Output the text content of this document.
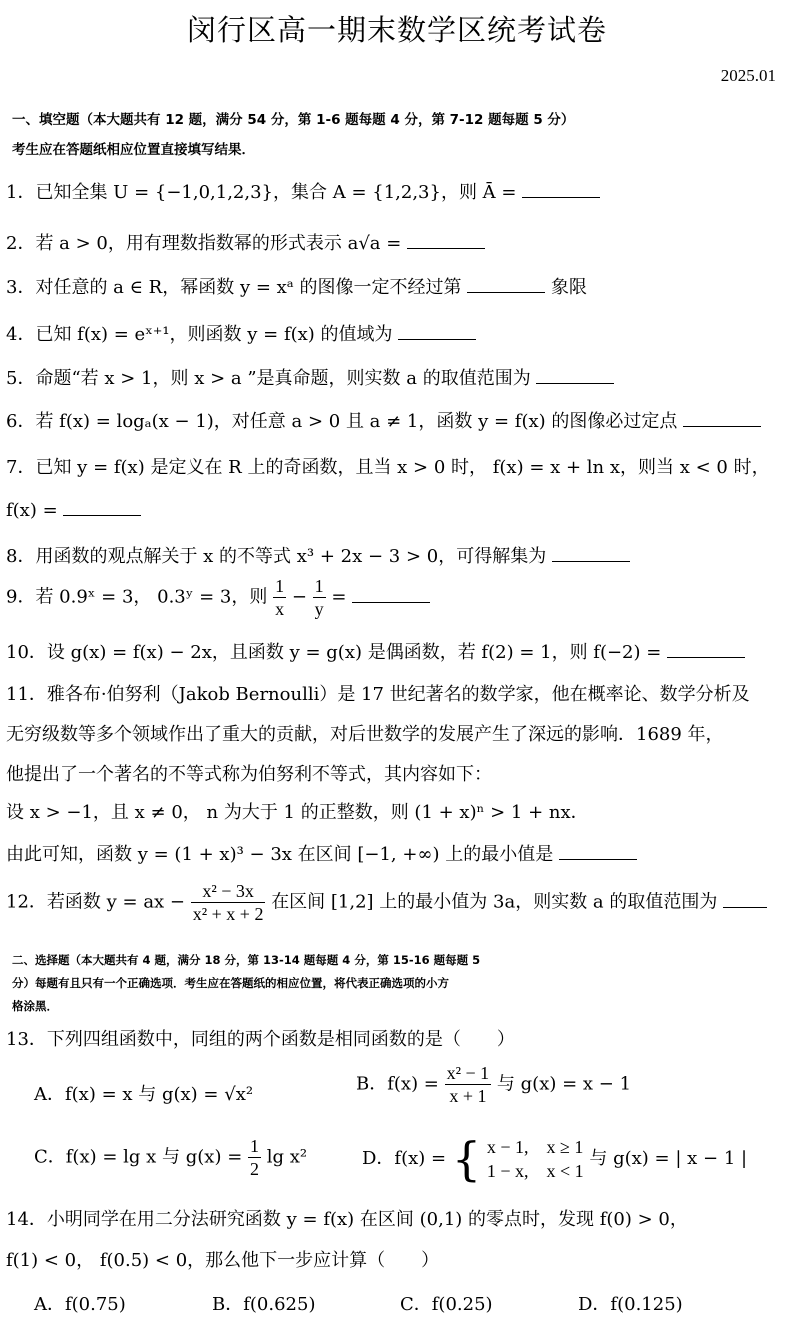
闵行区高一期末数学区统考试卷
2025.01
一、填空题（本大题共有 12 题，满分 54 分，第 1-6 题每题 4 分，第 7-12 题每题 5 分）
考生应在答题纸相应位置直接填写结果．
1．已知全集 U = {−1,0,1,2,3}，集合 A = {1,2,3}，则 Ā =
2．若 a > 0，用有理数指数幂的形式表示 a√a =
3．对任意的 a ∈ R，幂函数 y = xᵃ 的图像一定不经过第	象限
4．已知 f(x) = eˣ⁺¹，则函数 y = f(x) 的值域为
5．命题“若 x > 1，则 x > a ”是真命题，则实数 a 的取值范围为
6．若 f(x) = logₐ(x − 1)，对任意 a > 0 且 a ≠ 1，函数 y = f(x) 的图像必过定点
7．已知 y = f(x) 是定义在 R 上的奇函数，且当 x > 0 时， f(x) = x + ln x，则当 x < 0 时，
f(x) =
8．用函数的观点解关于 x 的不等式 x³ + 2x − 3 > 0，可得解集为
9．若 0.9ˣ = 3， 0.3ʸ = 3，则 $\frac{1}{x} - \frac{1}{y}$ =
10．设 g(x) = f(x) − 2x，且函数 y = g(x) 是偶函数，若 f(2) = 1，则 f(−2) =
11．雅各布·伯努利（Jakob Bernoulli）是 17 世纪著名的数学家，他在概率论、数学分析及
无穷级数等多个领域作出了重大的贡献，对后世数学的发展产生了深远的影响．1689 年，
他提出了一个著名的不等式称为伯努利不等式，其内容如下：
设 x > −1，且 x ≠ 0， n 为大于 1 的正整数，则 (1 + x)ⁿ > 1 + nx．
由此可知，函数 y = (1 + x)³ − 3x 在区间 [−1, +∞) 上的最小值是
12．若函数 y = ax − $\frac{\text{x² − 3x}}{\text{x² + x + 2}}$ 在区间 [1,2] 上的最小值为 3a，则实数 a 的取值范围为
二、选择题（本大题共有 4 题，满分 18 分，第 13-14 题每题 4 分，第 15-16 题每题 5
分）每题有且只有一个正确选项．考生应在答题纸的相应位置，将代表正确选项的小方
格涂黑．
13．下列四组函数中，同组的两个函数是相同函数的是（　　）
A．f(x) = x 与 g(x) = √x²	B．$f(x) = \frac{\text{x² − 1}}{x + 1}$ 与 g(x) = x − 1
C．f(x) = lg x 与 $g(x) = \frac{1}{2}$ lg x²	D．f(x) = { x − 1,　x ≥ 1
1 − x,　x < 1
与 g(x) = | x − 1 |
14．小明同学在用二分法研究函数 y = f(x) 在区间 (0,1) 的零点时，发现 f(0) > 0，
f(1) < 0， f(0.5) < 0，那么他下一步应计算（　　）
A．f(0.75)	B．f(0.625)	C．f(0.25)	D．f(0.125)
